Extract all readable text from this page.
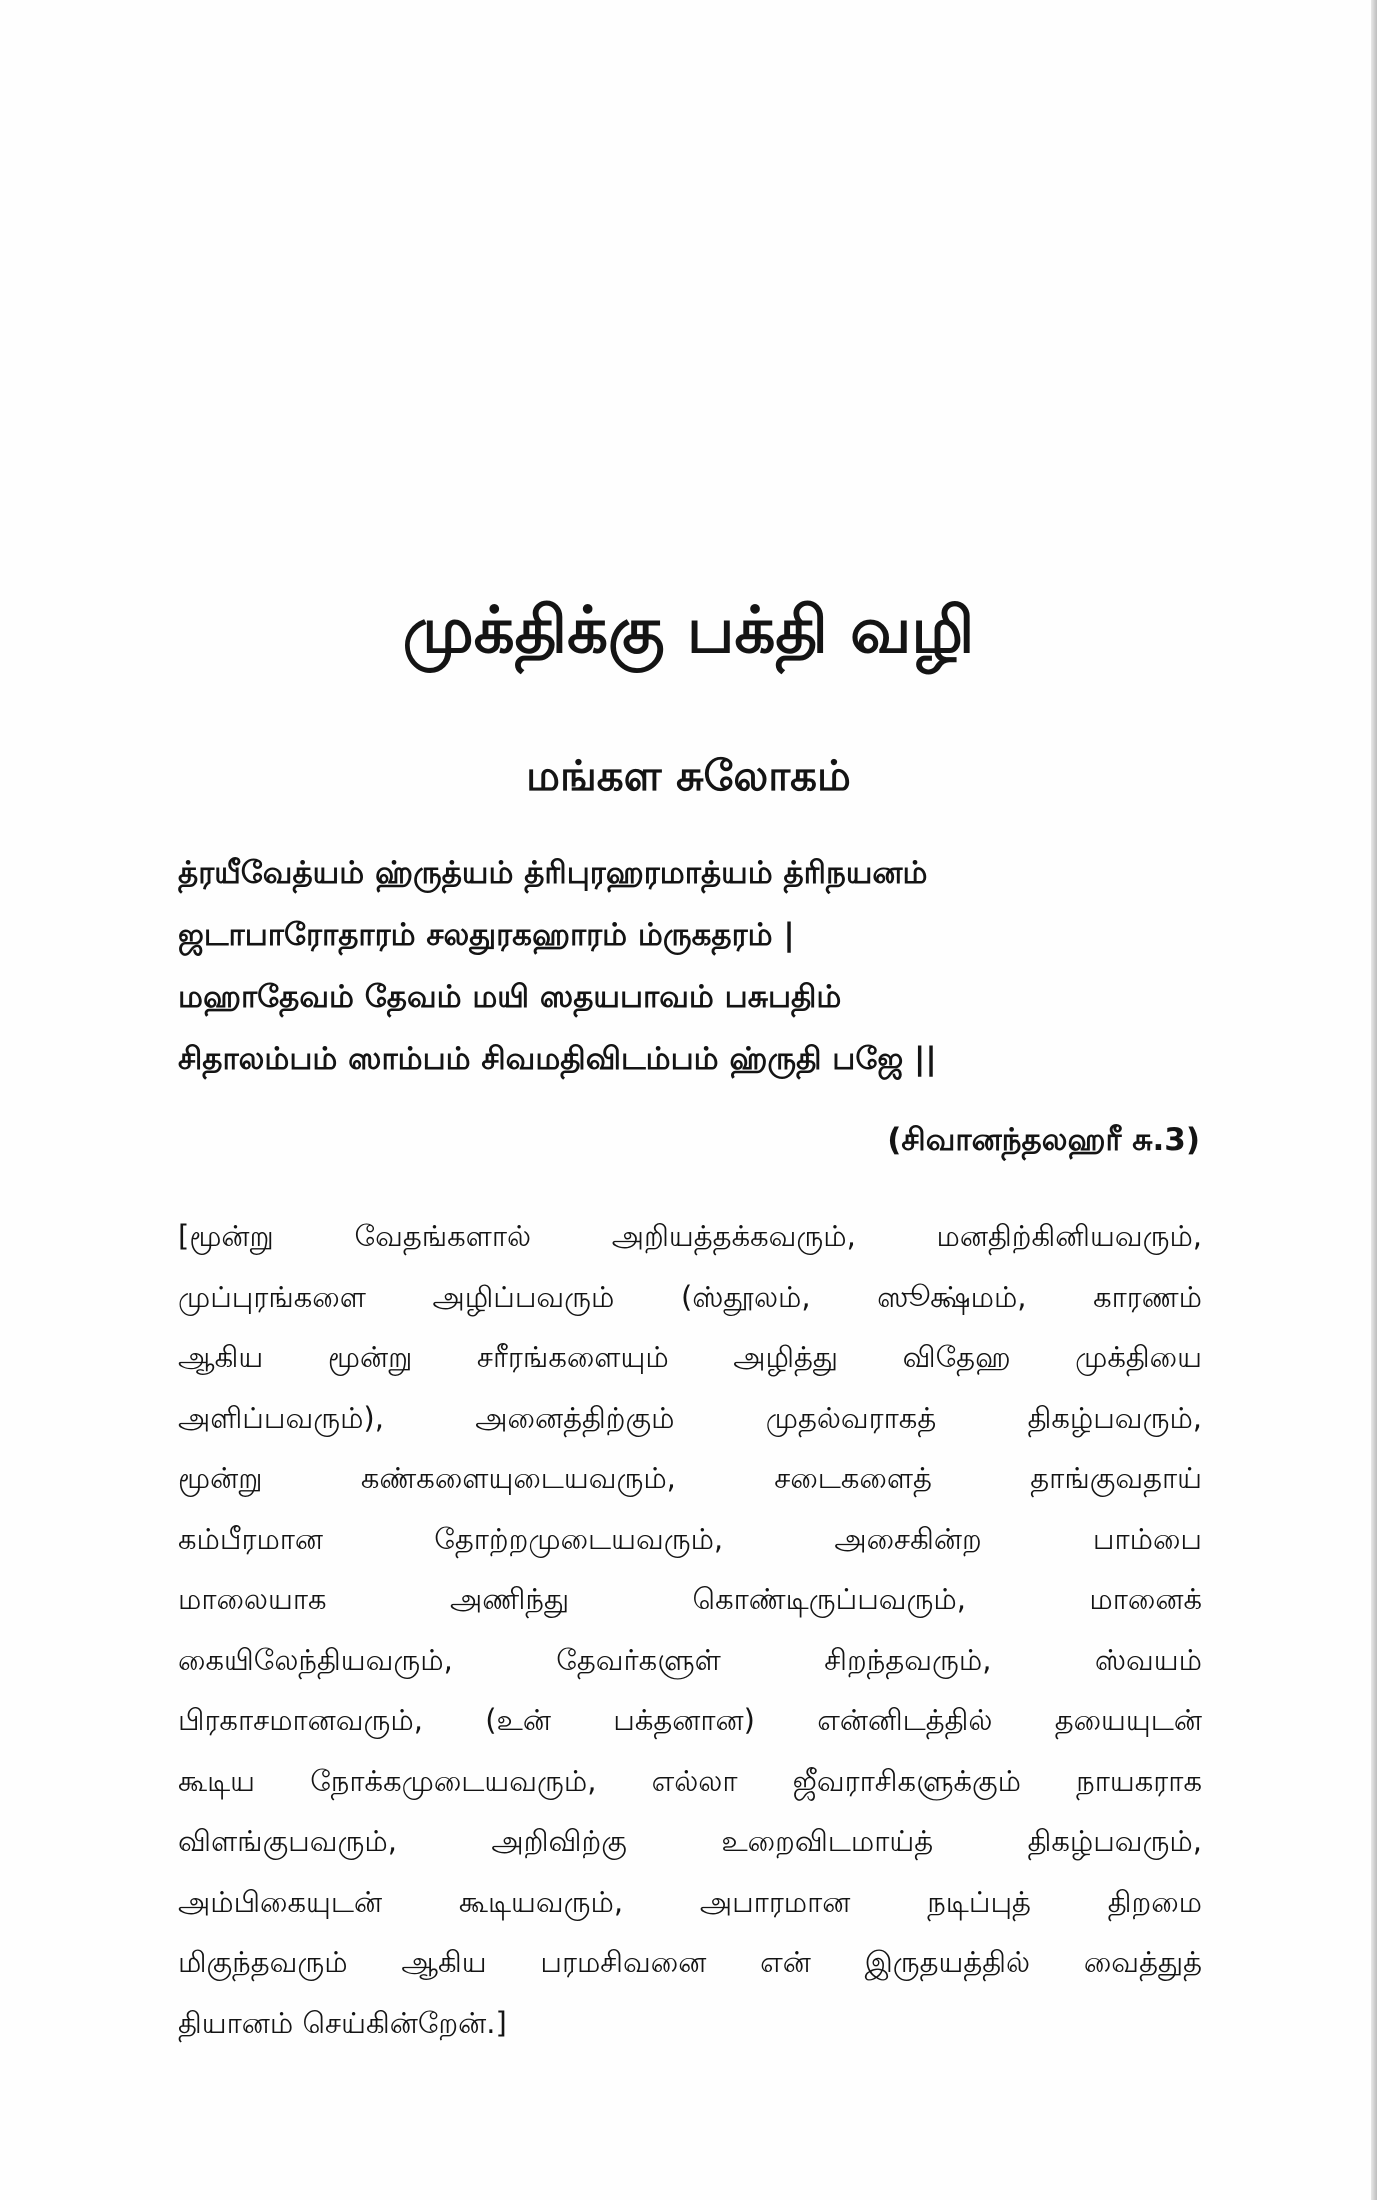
முக்திக்கு பக்தி வழி
மங்கள சுலோகம்
த்ரயீவேத்யம் ஹ்ருத்யம் த்ரிபுரஹரமாத்யம் த்ரிநயனம்
ஜடாபாரோதாரம் சலதுரகஹாரம் ம்ருகதரம் |
மஹாதேவம் தேவம் மயி ஸதயபாவம் பசுபதிம்
சிதாலம்பம் ஸாம்பம் சிவமதிவிடம்பம் ஹ்ருதி பஜே ||

(சிவானந்தலஹரீ சு.3)

[மூன்று வேதங்களால் அறியத்தக்கவரும், மனதிற்கினியவரும்,
முப்புரங்களை அழிப்பவரும் (ஸ்தூலம், ஸூக்ஷ்மம், காரணம்
ஆகிய மூன்று சரீரங்களையும் அழித்து விதேஹ முக்தியை
அளிப்பவரும்), அனைத்திற்கும் முதல்வராகத் திகழ்பவரும்,
மூன்று கண்களையுடையவரும், சடைகளைத் தாங்குவதாய்
கம்பீரமான தோற்றமுடையவரும், அசைகின்ற பாம்பை
மாலையாக அணிந்து கொண்டிருப்பவரும், மானைக்
கையிலேந்தியவரும், தேவர்களுள் சிறந்தவரும், ஸ்வயம்
பிரகாசமானவரும், (உன் பக்தனான) என்னிடத்தில் தயையுடன்
கூடிய நோக்கமுடையவரும், எல்லா ஜீவராசிகளுக்கும் நாயகராக
விளங்குபவரும், அறிவிற்கு உறைவிடமாய்த் திகழ்பவரும்,
அம்பிகையுடன் கூடியவரும், அபாரமான நடிப்புத் திறமை
மிகுந்தவரும் ஆகிய பரமசிவனை என் இருதயத்தில் வைத்துத்
தியானம் செய்கின்றேன்.]
